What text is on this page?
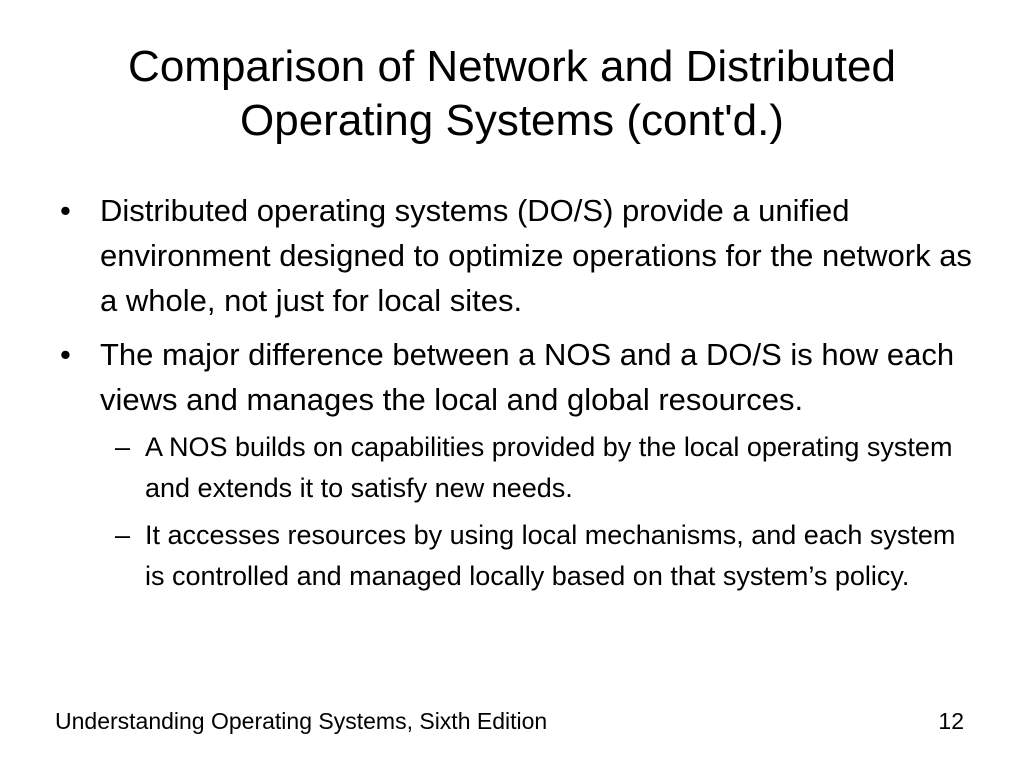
Comparison of Network and Distributed
Operating Systems (cont'd.)
• Distributed operating systems (DO/S) provide a unified environment designed to optimize operations for the network as a whole, not just for local sites.
• The major difference between a NOS and a DO/S is how each views and manages the local and global resources.
– A NOS builds on capabilities provided by the local operating system and extends it to satisfy new needs.
– It accesses resources by using local mechanisms, and each system is controlled and managed locally based on that system’s policy.
Understanding Operating Systems, Sixth Edition	12
